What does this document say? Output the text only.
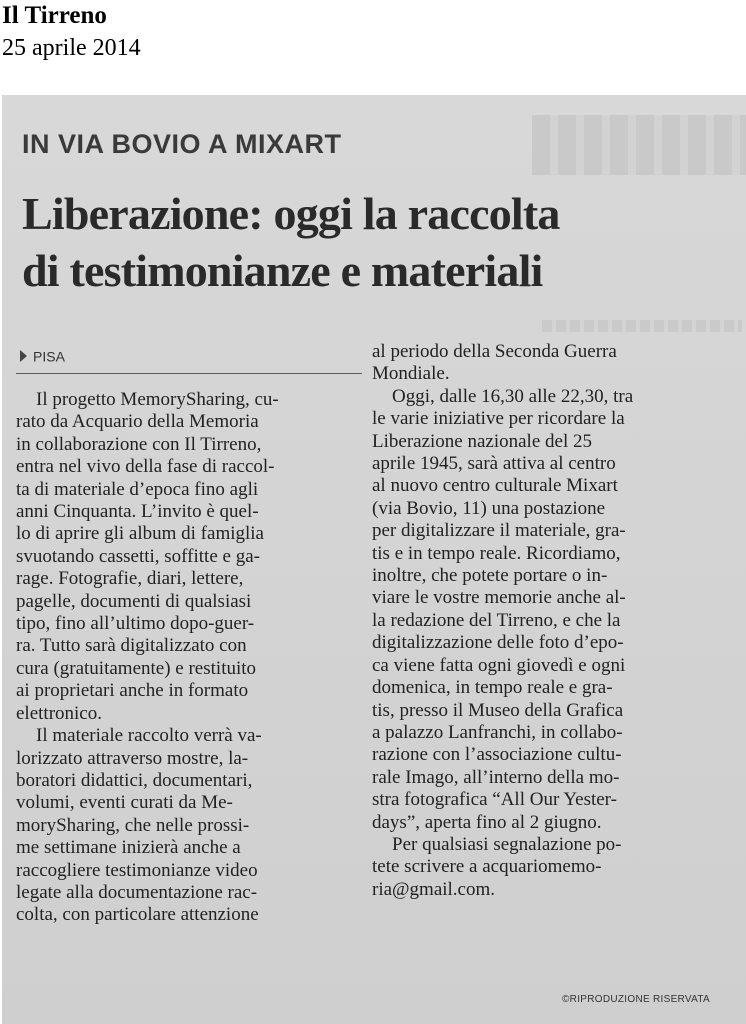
Il Tirreno
25 aprile 2014
IN VIA BOVIO A MIXART
Liberazione: oggi la raccolta
di testimonianze e materiali
PISA
Il progetto MemorySharing, cu-
rato da Acquario della Memoria
in collaborazione con Il Tirreno,
entra nel vivo della fase di raccol-
ta di materiale d’epoca fino agli
anni Cinquanta. L’invito è quel-
lo di aprire gli album di famiglia
svuotando cassetti, soffitte e ga-
rage. Fotografie, diari, lettere,
pagelle, documenti di qualsiasi
tipo, fino all’ultimo dopo-guer-
ra. Tutto sarà digitalizzato con
cura (gratuitamente) e restituito
ai proprietari anche in formato
elettronico.
Il materiale raccolto verrà va-
lorizzato attraverso mostre, la-
boratori didattici, documentari,
volumi, eventi curati da Me-
morySharing, che nelle prossi-
me settimane inizierà anche a
raccogliere testimonianze video
legate alla documentazione rac-
colta, con particolare attenzione
al periodo della Seconda Guerra
Mondiale.
Oggi, dalle 16,30 alle 22,30, tra
le varie iniziative per ricordare la
Liberazione nazionale del 25
aprile 1945, sarà attiva al centro
al nuovo centro culturale Mixart
(via Bovio, 11) una postazione
per digitalizzare il materiale, gra-
tis e in tempo reale. Ricordiamo,
inoltre, che potete portare o in-
viare le vostre memorie anche al-
la redazione del Tirreno, e che la
digitalizzazione delle foto d’epo-
ca viene fatta ogni giovedì e ogni
domenica, in tempo reale e gra-
tis, presso il Museo della Grafica
a palazzo Lanfranchi, in collabo-
razione con l’associazione cultu-
rale Imago, all’interno della mo-
stra fotografica “All Our Yester-
days”, aperta fino al 2 giugno.
Per qualsiasi segnalazione po-
tete scrivere a acquariomemo-
ria@gmail.com.
©RIPRODUZIONE RISERVATA
